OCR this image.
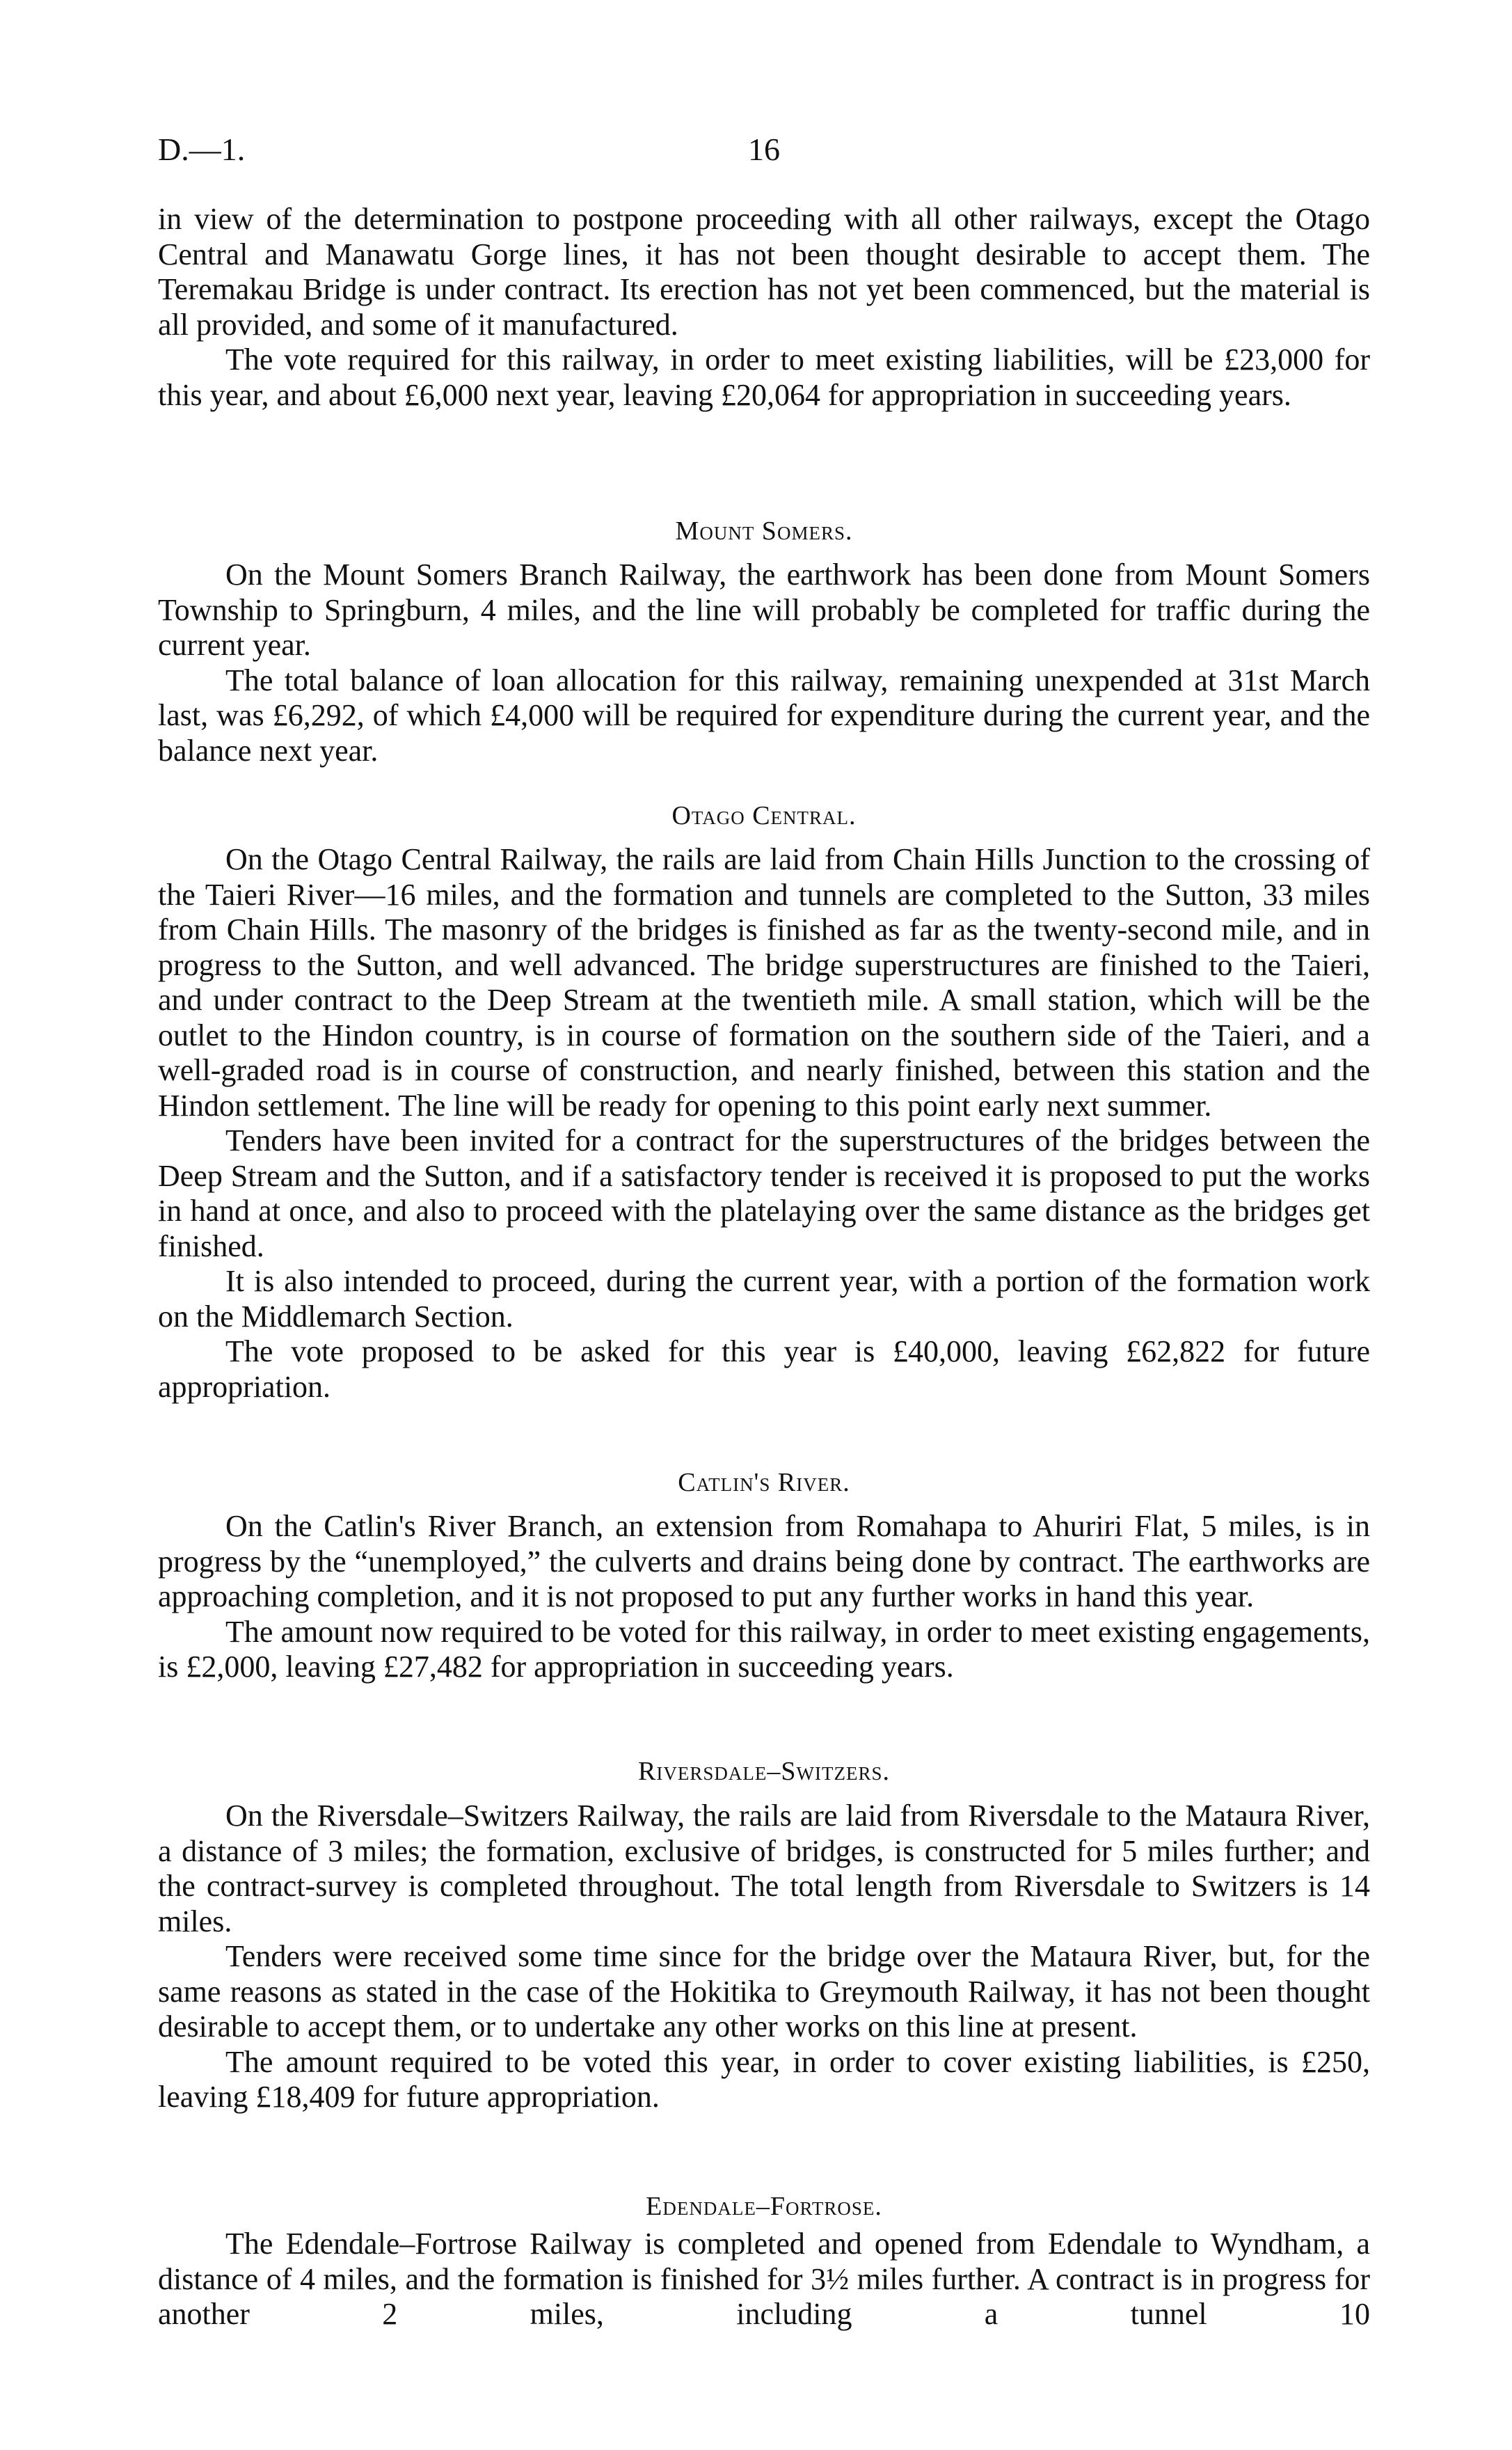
D.—1.	16

in view of the determination to postpone proceeding with all other railways, except the Otago Central and Manawatu Gorge lines, it has not been thought desirable to accept them. The Teremakau Bridge is under contract. Its erection has not yet been commenced, but the material is all provided, and some of it manufactured.

The vote required for this railway, in order to meet existing liabilities, will be £23,000 for this year, and about £6,000 next year, leaving £20,064 for appropriation in succeeding years.

Mount Somers.

On the Mount Somers Branch Railway, the earthwork has been done from Mount Somers Township to Springburn, 4 miles, and the line will probably be completed for traffic during the current year.

The total balance of loan allocation for this railway, remaining unexpended at 31st March last, was £6,292, of which £4,000 will be required for expenditure during the current year, and the balance next year.

Otago Central.

On the Otago Central Railway, the rails are laid from Chain Hills Junction to the crossing of the Taieri River—16 miles, and the formation and tunnels are completed to the Sutton, 33 miles from Chain Hills. The masonry of the bridges is finished as far as the twenty-second mile, and in progress to the Sutton, and well advanced. The bridge superstructures are finished to the Taieri, and under contract to the Deep Stream at the twentieth mile. A small station, which will be the outlet to the Hindon country, is in course of formation on the southern side of the Taieri, and a well-graded road is in course of construction, and nearly finished, between this station and the Hindon settlement. The line will be ready for opening to this point early next summer.

Tenders have been invited for a contract for the superstructures of the bridges between the Deep Stream and the Sutton, and if a satisfactory tender is received it is proposed to put the works in hand at once, and also to proceed with the platelaying over the same distance as the bridges get finished.

It is also intended to proceed, during the current year, with a portion of the formation work on the Middlemarch Section.

The vote proposed to be asked for this year is £40,000, leaving £62,822 for future appropriation.

Catlin's River.

On the Catlin's River Branch, an extension from Romahapa to Ahuriri Flat, 5 miles, is in progress by the “unemployed,” the culverts and drains being done by contract. The earthworks are approaching completion, and it is not proposed to put any further works in hand this year.

The amount now required to be voted for this railway, in order to meet existing engagements, is £2,000, leaving £27,482 for appropriation in succeeding years.

Riversdale–Switzers.

On the Riversdale–Switzers Railway, the rails are laid from Riversdale to the Mataura River, a distance of 3 miles; the formation, exclusive of bridges, is constructed for 5 miles further; and the contract-survey is completed throughout. The total length from Riversdale to Switzers is 14 miles.

Tenders were received some time since for the bridge over the Mataura River, but, for the same reasons as stated in the case of the Hokitika to Greymouth Railway, it has not been thought desirable to accept them, or to undertake any other works on this line at present.

The amount required to be voted this year, in order to cover existing liabilities, is £250, leaving £18,409 for future appropriation.

Edendale–Fortrose.

The Edendale–Fortrose Railway is completed and opened from Edendale to Wyndham, a distance of 4 miles, and the formation is finished for 3½ miles further. A contract is in progress for another 2 miles, including a tunnel 10
